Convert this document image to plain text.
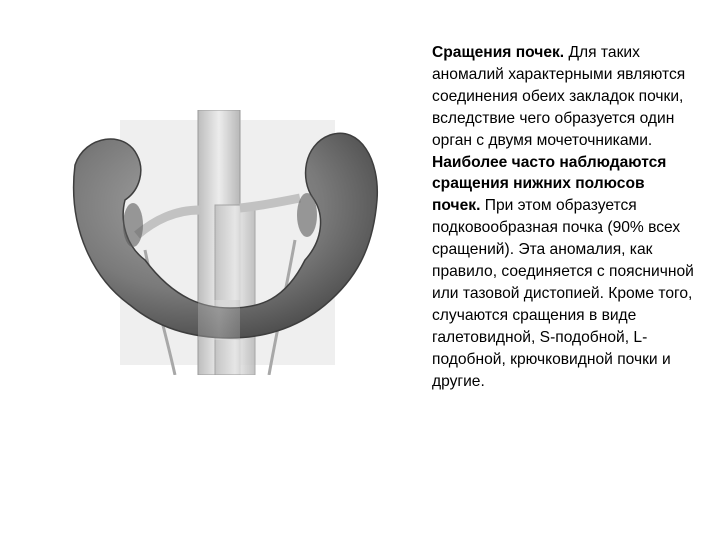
Сращения почек. Для таких аномалий характерными являются соединения обеих закладок почки, вследствие чего образуется один орган с двумя мочеточниками. Наиболее часто наблюдаются сращения нижних полюсов почек. При этом образуется подковообразная почка (90% всех сращений). Эта аномалия, как правило, соединяется с поясничной или тазовой дистопией. Кроме того, случаются сращения в виде галетовидной, S-подобной, L-подобной, крючковидной почки и другие.
